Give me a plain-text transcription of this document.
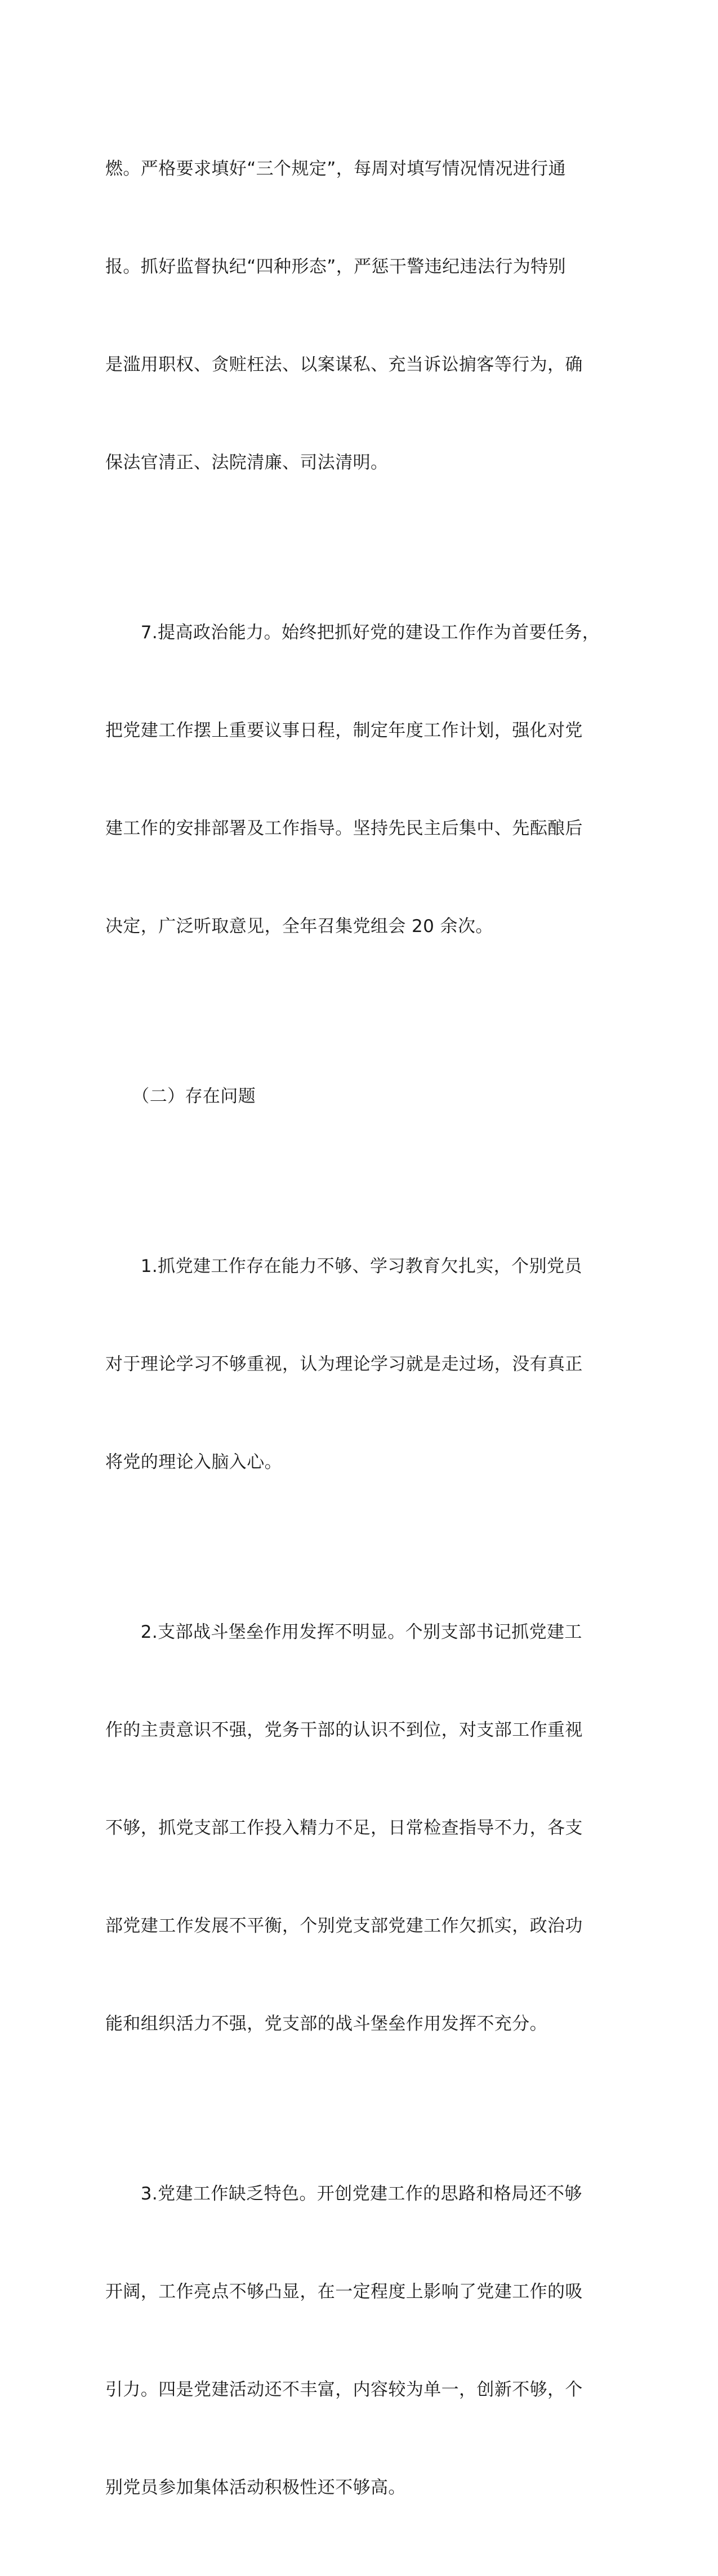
燃。严格要求填好“三个规定”，每周对填写情况情况进行通

报。抓好监督执纪“四种形态”，严惩干警违纪违法行为特别

是滥用职权、贪赃枉法、以案谋私、充当诉讼掮客等行为，确

保法官清正、法院清廉、司法清明。

　　7.提高政治能力。始终把抓好党的建设工作作为首要任务，

把党建工作摆上重要议事日程，制定年度工作计划，强化对党

建工作的安排部署及工作指导。坚持先民主后集中、先酝酿后

决定，广泛听取意见，全年召集党组会 20 余次。

　　（二）存在问题

　　1.抓党建工作存在能力不够、学习教育欠扎实，个别党员

对于理论学习不够重视，认为理论学习就是走过场，没有真正

将党的理论入脑入心。

　　2.支部战斗堡垒作用发挥不明显。个别支部书记抓党建工

作的主责意识不强，党务干部的认识不到位，对支部工作重视

不够，抓党支部工作投入精力不足，日常检查指导不力，各支

部党建工作发展不平衡，个别党支部党建工作欠抓实，政治功

能和组织活力不强，党支部的战斗堡垒作用发挥不充分。

　　3.党建工作缺乏特色。开创党建工作的思路和格局还不够

开阔，工作亮点不够凸显，在一定程度上影响了党建工作的吸

引力。四是党建活动还不丰富，内容较为单一，创新不够，个

别党员参加集体活动积极性还不够高。
